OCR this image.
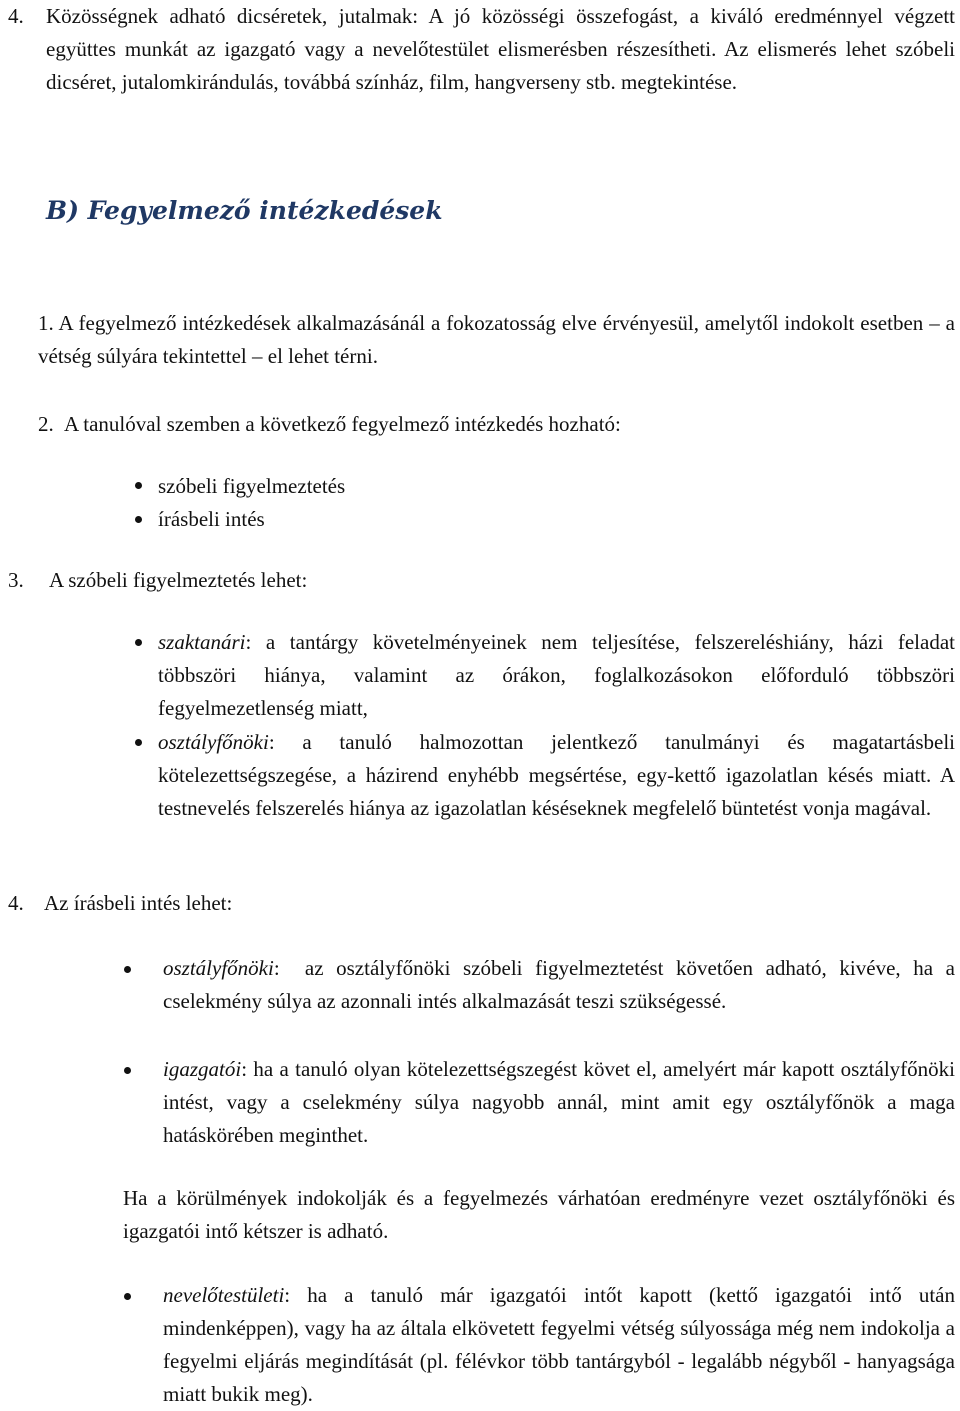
4. Közösségnek adható dicséretek, jutalmak: A jó közösségi összefogást, a kiváló eredménnyel végzett együttes munkát az igazgató vagy a nevelőtestület elismerésben részesítheti. Az elismerés lehet szóbeli dicséret, jutalomkirándulás, továbbá színház, film, hangverseny stb. megtekintése.
B) Fegyelmező intézkedések
1. A fegyelmező intézkedések alkalmazásánál a fokozatosság elve érvényesül, amelytől indokolt esetben – a vétség súlyára tekintettel – el lehet térni.
2. A tanulóval szemben a következő fegyelmező intézkedés hozható:
szóbeli figyelmeztetés
írásbeli intés
3. A szóbeli figyelmeztetés lehet:
szaktanári: a tantárgy követelményeinek nem teljesítése, felszereléshiány, házi feladat többszöri hiánya, valamint az órákon, foglalkozásokon előforduló többszöri fegyelmezetlenség miatt,
osztályfőnöki: a tanuló halmozottan jelentkező tanulmányi és magatartásbeli kötelezettségszegése, a házirend enyhébb megsértése, egy-kettő igazolatlan késés miatt. A testnevelés felszerelés hiánya az igazolatlan késéseknek megfelelő büntetést vonja magával.
4. Az írásbeli intés lehet:
osztályfőnöki:  az osztályfőnöki szóbeli figyelmeztetést követően adható, kivéve, ha a cselekmény súlya az azonnali intés alkalmazását teszi szükségessé.
igazgatói: ha a tanuló olyan kötelezettségszegést követ el, amelyért már kapott osztályfőnöki intést, vagy a cselekmény súlya nagyobb annál, mint amit egy osztályfőnök a maga hatáskörében meginthet.
Ha a körülmények indokolják és a fegyelmezés várhatóan eredményre vezet osztályfőnöki és igazgatói intő kétszer is adható.
nevelőtestületi: ha a tanuló már igazgatói intőt kapott (kettő igazgatói intő után mindenképpen), vagy ha az általa elkövetett fegyelmi vétség súlyossága még nem indokolja a fegyelmi eljárás megindítását (pl. félévkor több tantárgyból - legalább négyből - hanyagsága miatt bukik meg).
